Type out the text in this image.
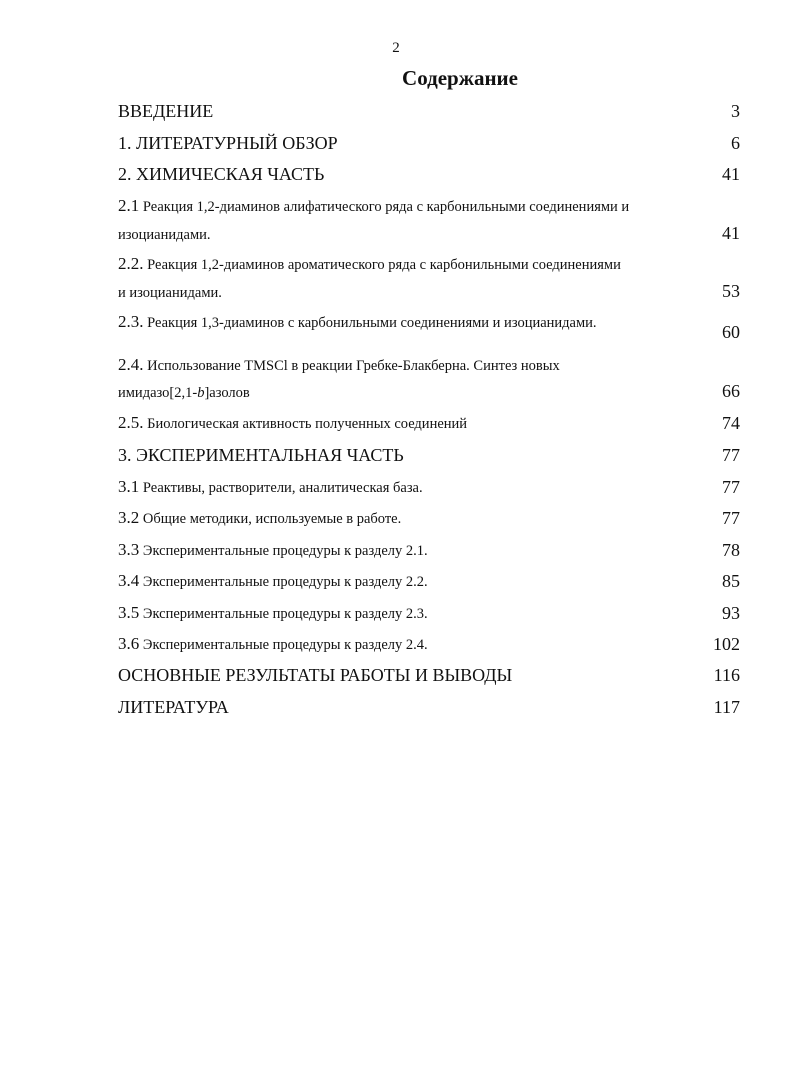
2
Содержание
ВВЕДЕНИЕ	3
1. ЛИТЕРАТУРНЫЙ ОБЗОР	6
2. ХИМИЧЕСКАЯ ЧАСТЬ	41
2.1 Реакция 1,2-диаминов алифатического ряда с карбонильными соединениями и
изоцианидами.	41
2.2. Реакция 1,2-диаминов ароматического ряда с карбонильными соединениями
и изоцианидами.	53
2.3. Реакция 1,3-диаминов с карбонильными соединениями и изоцианидами.	60
2.4. Использование TMSCl в реакции Гребке-Блакберна. Синтез новых
имидазо[2,1-b]азолов	66
2.5. Биологическая активность полученных соединений	74
3. ЭКСПЕРИМЕНТАЛЬНАЯ ЧАСТЬ	77
3.1 Реактивы, растворители, аналитическая база.	77
3.2 Общие методики, используемые в работе.	77
3.3 Экспериментальные процедуры к разделу 2.1.	78
3.4 Экспериментальные процедуры к разделу 2.2.	85
3.5 Экспериментальные процедуры к разделу 2.3.	93
3.6 Экспериментальные процедуры к разделу 2.4.	102
ОСНОВНЫЕ РЕЗУЛЬТАТЫ РАБОТЫ И ВЫВОДЫ	116
ЛИТЕРАТУРА	117
